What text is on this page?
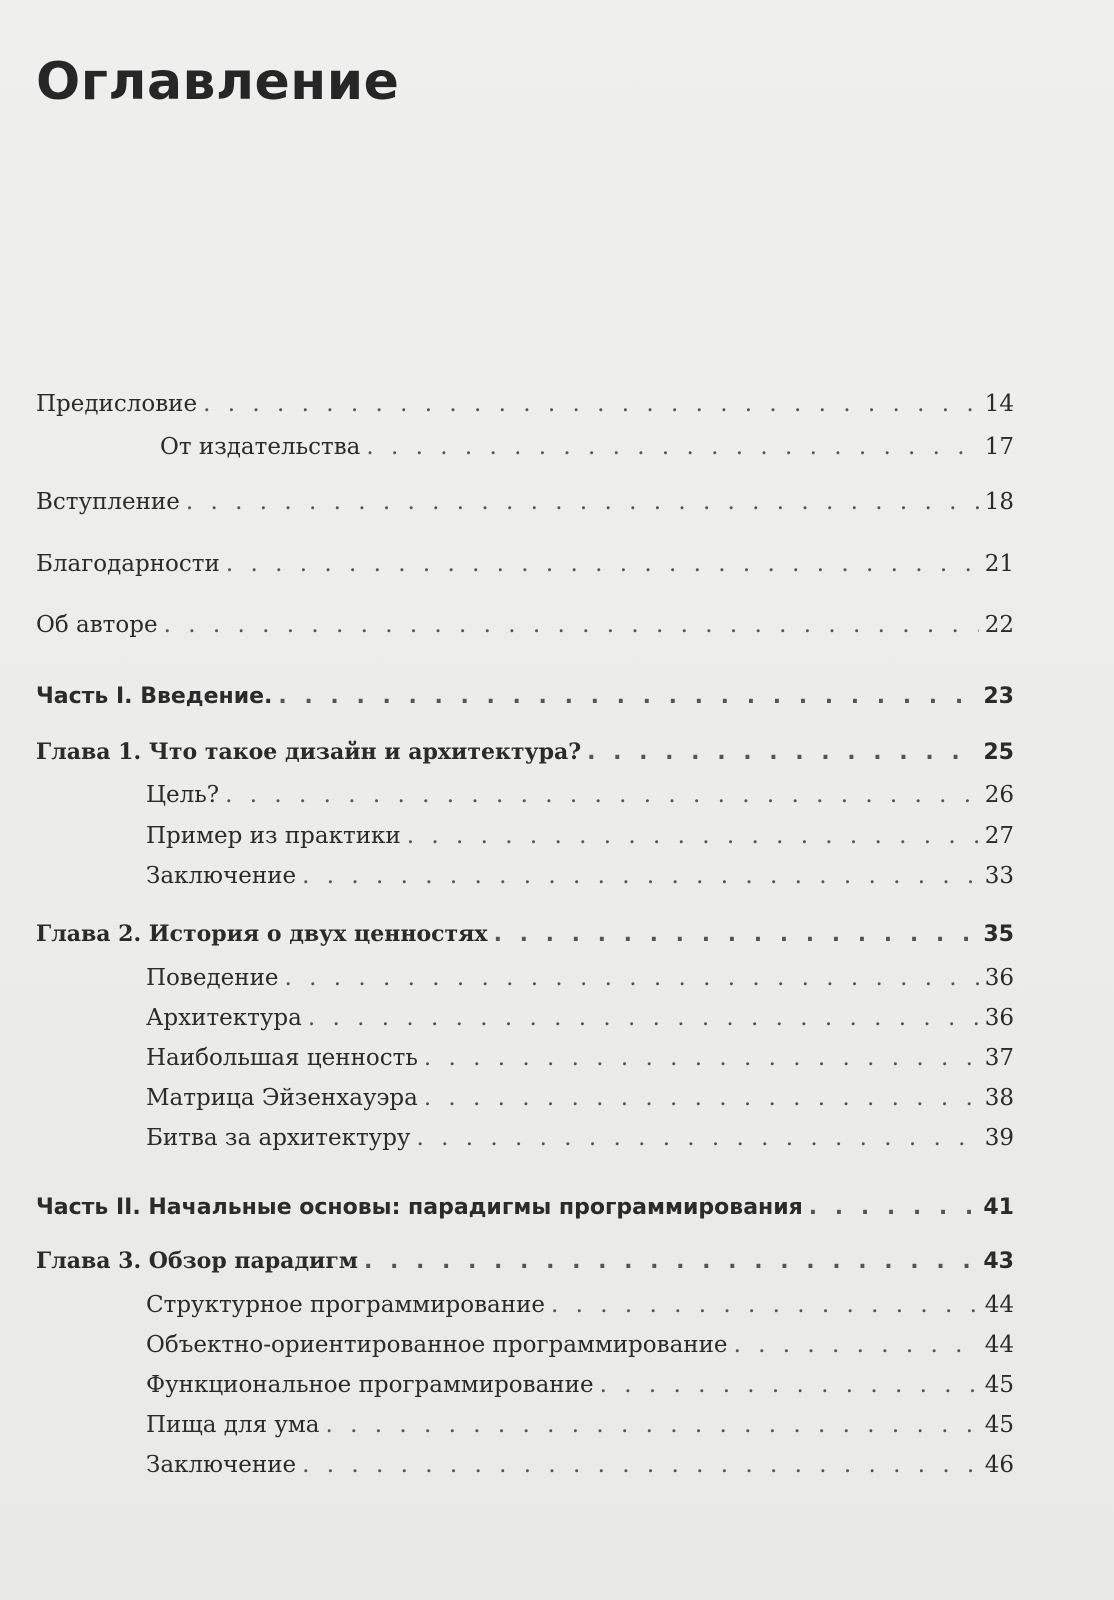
Оглавление
Предисловие . . .	14
От издательства . . .	17
Вступление . . .	18
Благодарности . . .	21
Об авторе . . .	22
Часть I. Введение. . . .	23
Глава 1. Что такое дизайн и архитектура? . . .	25
Цель? . . .	26
Пример из практики . . .	27
Заключение . . .	33
Глава 2. История о двух ценностях . . .	35
Поведение . . .	36
Архитектура . . .	36
Наибольшая ценность . . .	37
Матрица Эйзенхауэра . . .	38
Битва за архитектуру . . .	39
Часть II. Начальные основы: парадигмы программирования . . .	41
Глава 3. Обзор парадигм . . .	43
Структурное программирование . . .	44
Объектно-ориентированное программирование . . .	44
Функциональное программирование . . .	45
Пища для ума . . .	45
Заключение . . .	46
